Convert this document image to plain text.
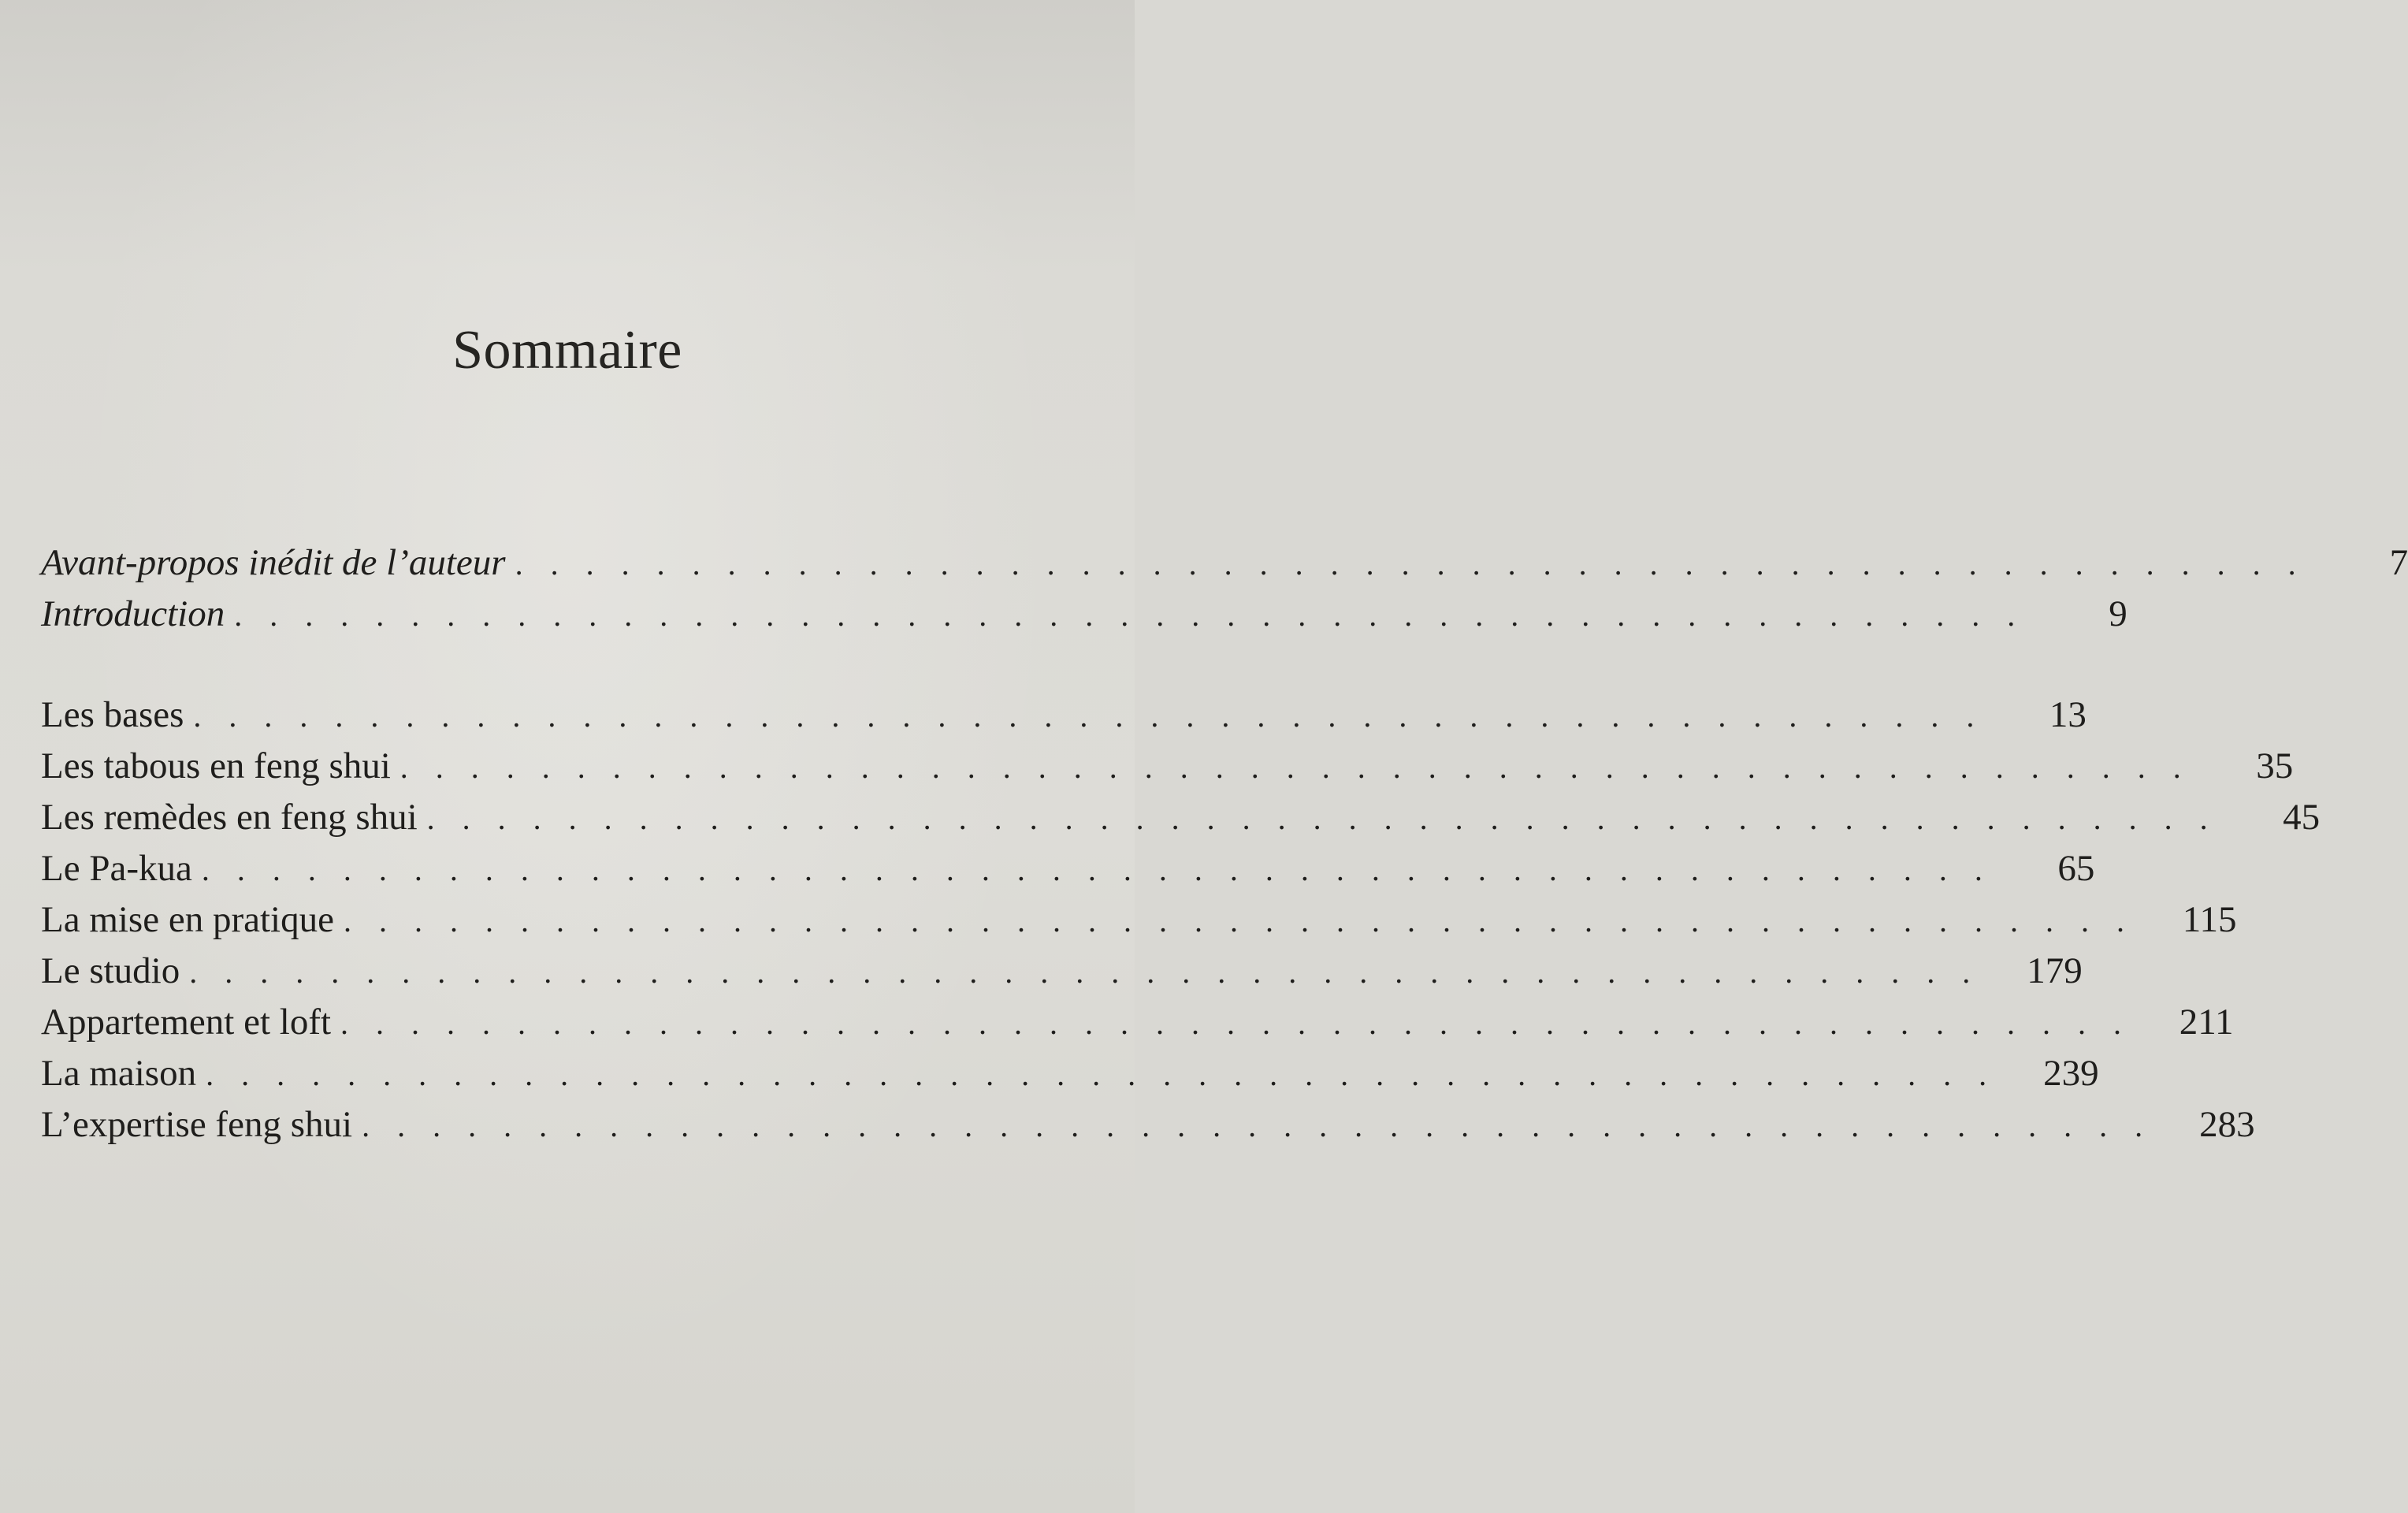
Sommaire
Avant-propos inédit de l’auteur . . . . . . . . . . . . . . . . . . . . . . . . . . . . . . . . . . . . . . . . . . . . . . . . . . .	7
Introduction . . . . . . . . . . . . . . . . . . . . . . . . . . . . . . . . . . . . . . . . . . . . . . . . . . .	9
Les bases . . . . . . . . . . . . . . . . . . . . . . . . . . . . . . . . . . . . . . . . . . . . . . . . . . .	13
Les tabous en feng shui . . . . . . . . . . . . . . . . . . . . . . . . . . . . . . . . . . . . . . . . . . . . . . . . . . .	35
Les remèdes en feng shui . . . . . . . . . . . . . . . . . . . . . . . . . . . . . . . . . . . . . . . . . . . . . . . . . . .	45
Le Pa-kua . . . . . . . . . . . . . . . . . . . . . . . . . . . . . . . . . . . . . . . . . . . . . . . . . . .	65
La mise en pratique . . . . . . . . . . . . . . . . . . . . . . . . . . . . . . . . . . . . . . . . . . . . . . . . . . .	115
Le studio . . . . . . . . . . . . . . . . . . . . . . . . . . . . . . . . . . . . . . . . . . . . . . . . . . .	179
Appartement et loft . . . . . . . . . . . . . . . . . . . . . . . . . . . . . . . . . . . . . . . . . . . . . . . . . . .	211
La maison . . . . . . . . . . . . . . . . . . . . . . . . . . . . . . . . . . . . . . . . . . . . . . . . . . .	239
L’expertise feng shui . . . . . . . . . . . . . . . . . . . . . . . . . . . . . . . . . . . . . . . . . . . . . . . . . . .	283
